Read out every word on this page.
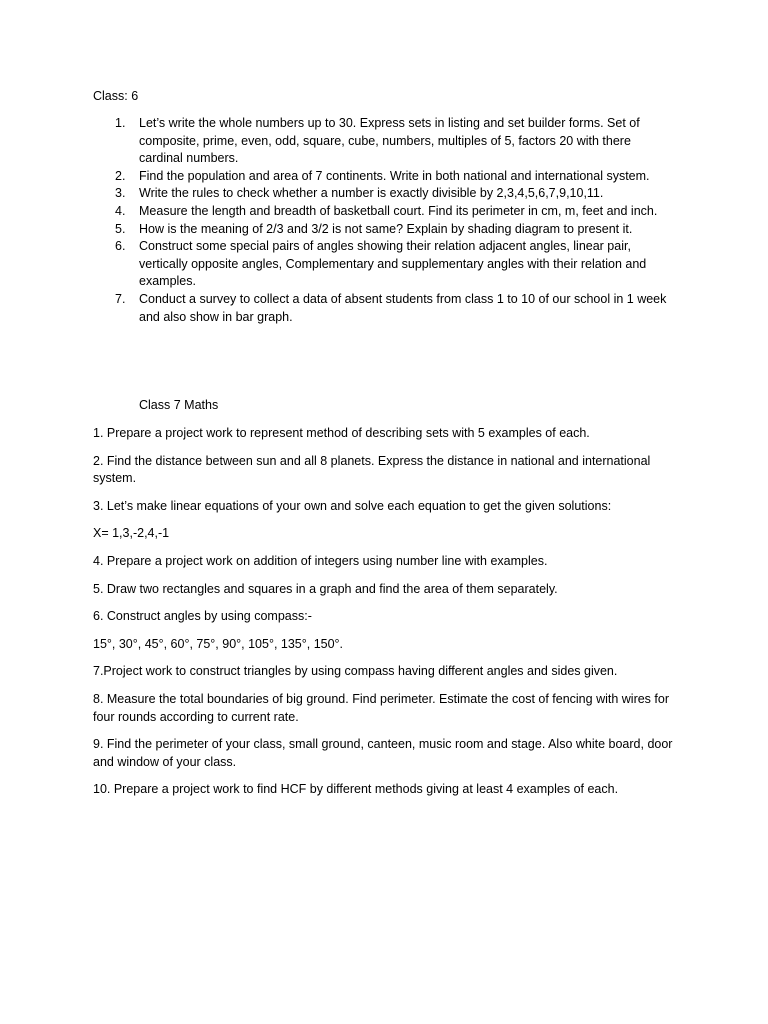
Class: 6
1. Let’s write the whole numbers up to 30. Express sets in listing and set builder forms. Set of composite, prime, even, odd, square, cube, numbers, multiples of 5, factors 20 with there cardinal numbers.
2. Find the population and area of 7 continents. Write in both national and international system.
3. Write the rules to check whether a number is exactly divisible by 2,3,4,5,6,7,9,10,11.
4. Measure the length and breadth of basketball court. Find its perimeter in cm, m, feet and inch.
5. How is the meaning of 2/3 and 3/2 is not same? Explain by shading diagram to present it.
6. Construct some special pairs of angles showing their relation adjacent angles, linear pair, vertically opposite angles, Complementary and supplementary angles with their relation and examples.
7. Conduct a survey to collect a data of absent students from class 1 to 10 of our school in 1 week and also show in bar graph.
Class 7 Maths

1. Prepare a project work to represent method of describing sets with 5 examples of each.

2. Find the distance between sun and all 8 planets. Express the distance in national and international system.

3. Let’s make linear equations of your own and solve each equation to get the given solutions:

X= 1,3,-2,4,-1

4. Prepare a project work on addition of integers using number line with examples.

5. Draw two rectangles and squares in a graph and find the area of them separately.

6. Construct angles by using compass:-

15°, 30°, 45°, 60°, 75°, 90°, 105°, 135°, 150°.

7.Project work to construct triangles by using compass having different angles and sides given.

8. Measure the total boundaries of big ground. Find perimeter. Estimate the cost of fencing with wires for four rounds according to current rate.

9. Find the perimeter of your class, small ground, canteen, music room and stage. Also white board, door and window of your class.

10. Prepare a project work to find HCF by different methods giving at least 4 examples of each.
